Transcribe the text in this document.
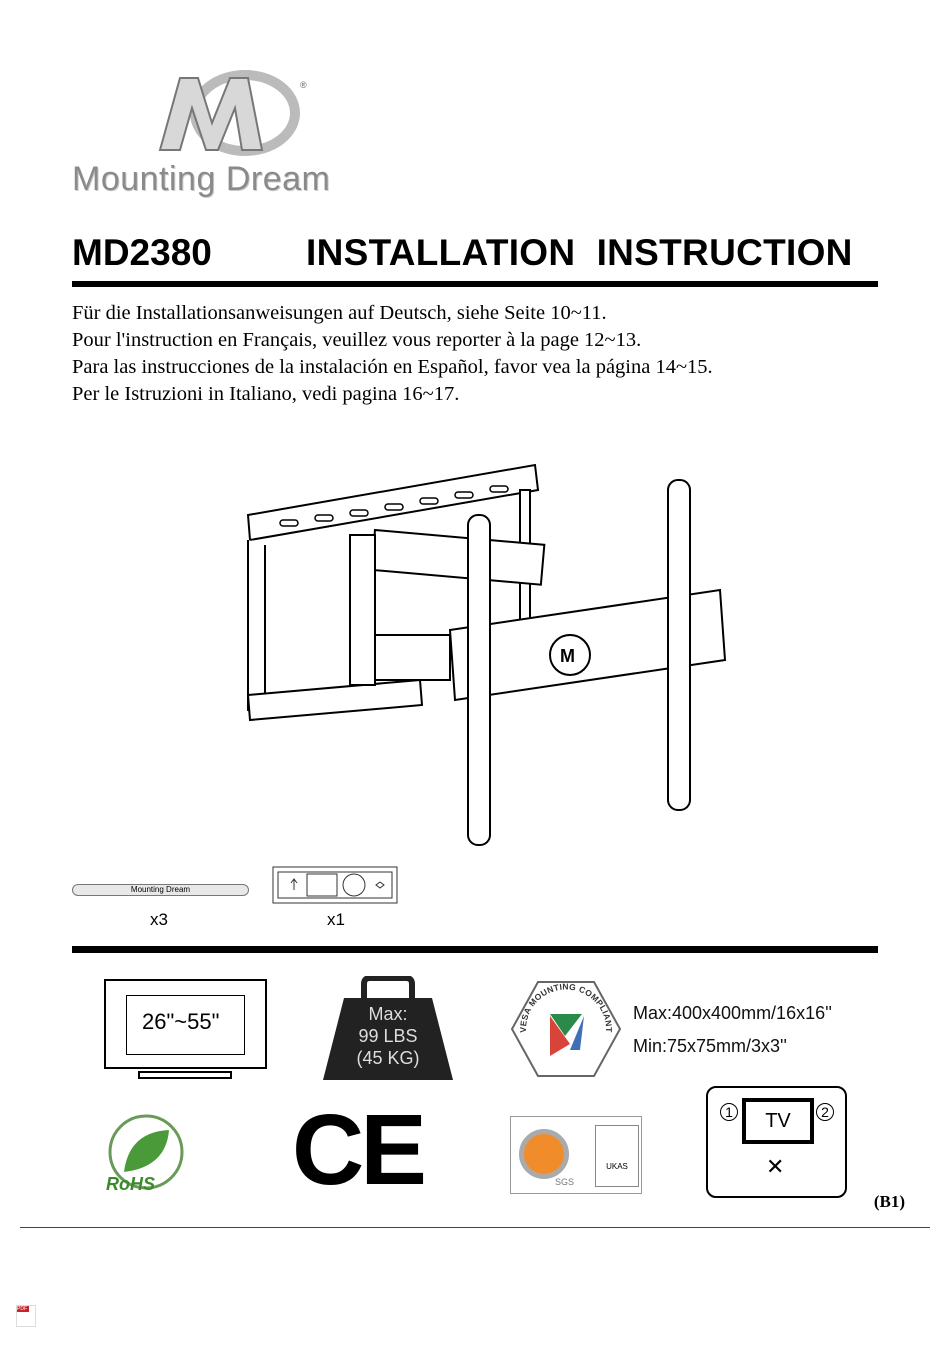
®
Mounting Dream
MD2380	INSTALLATION  INSTRUCTION
Für die Installationsanweisungen auf Deutsch, siehe Seite 10~11.
Pour l'instruction en Français, veuillez vous reporter à la page 12~13.
Para las instrucciones de la instalación en Español, favor vea la página 14~15.
Per le Istruzioni in Italiano, vedi pagina 16~17.
M
Mounting Dream
x3	x1
26"~55"	Max:
99 LBS
(45 KG)
VESA MOUNTING COMPLIANT
Max:400x400mm/16x16''
Min:75x75mm/3x3''
RoHS CE	SGS
UKAS
TV
1	2
✕
(B1)
PDF
